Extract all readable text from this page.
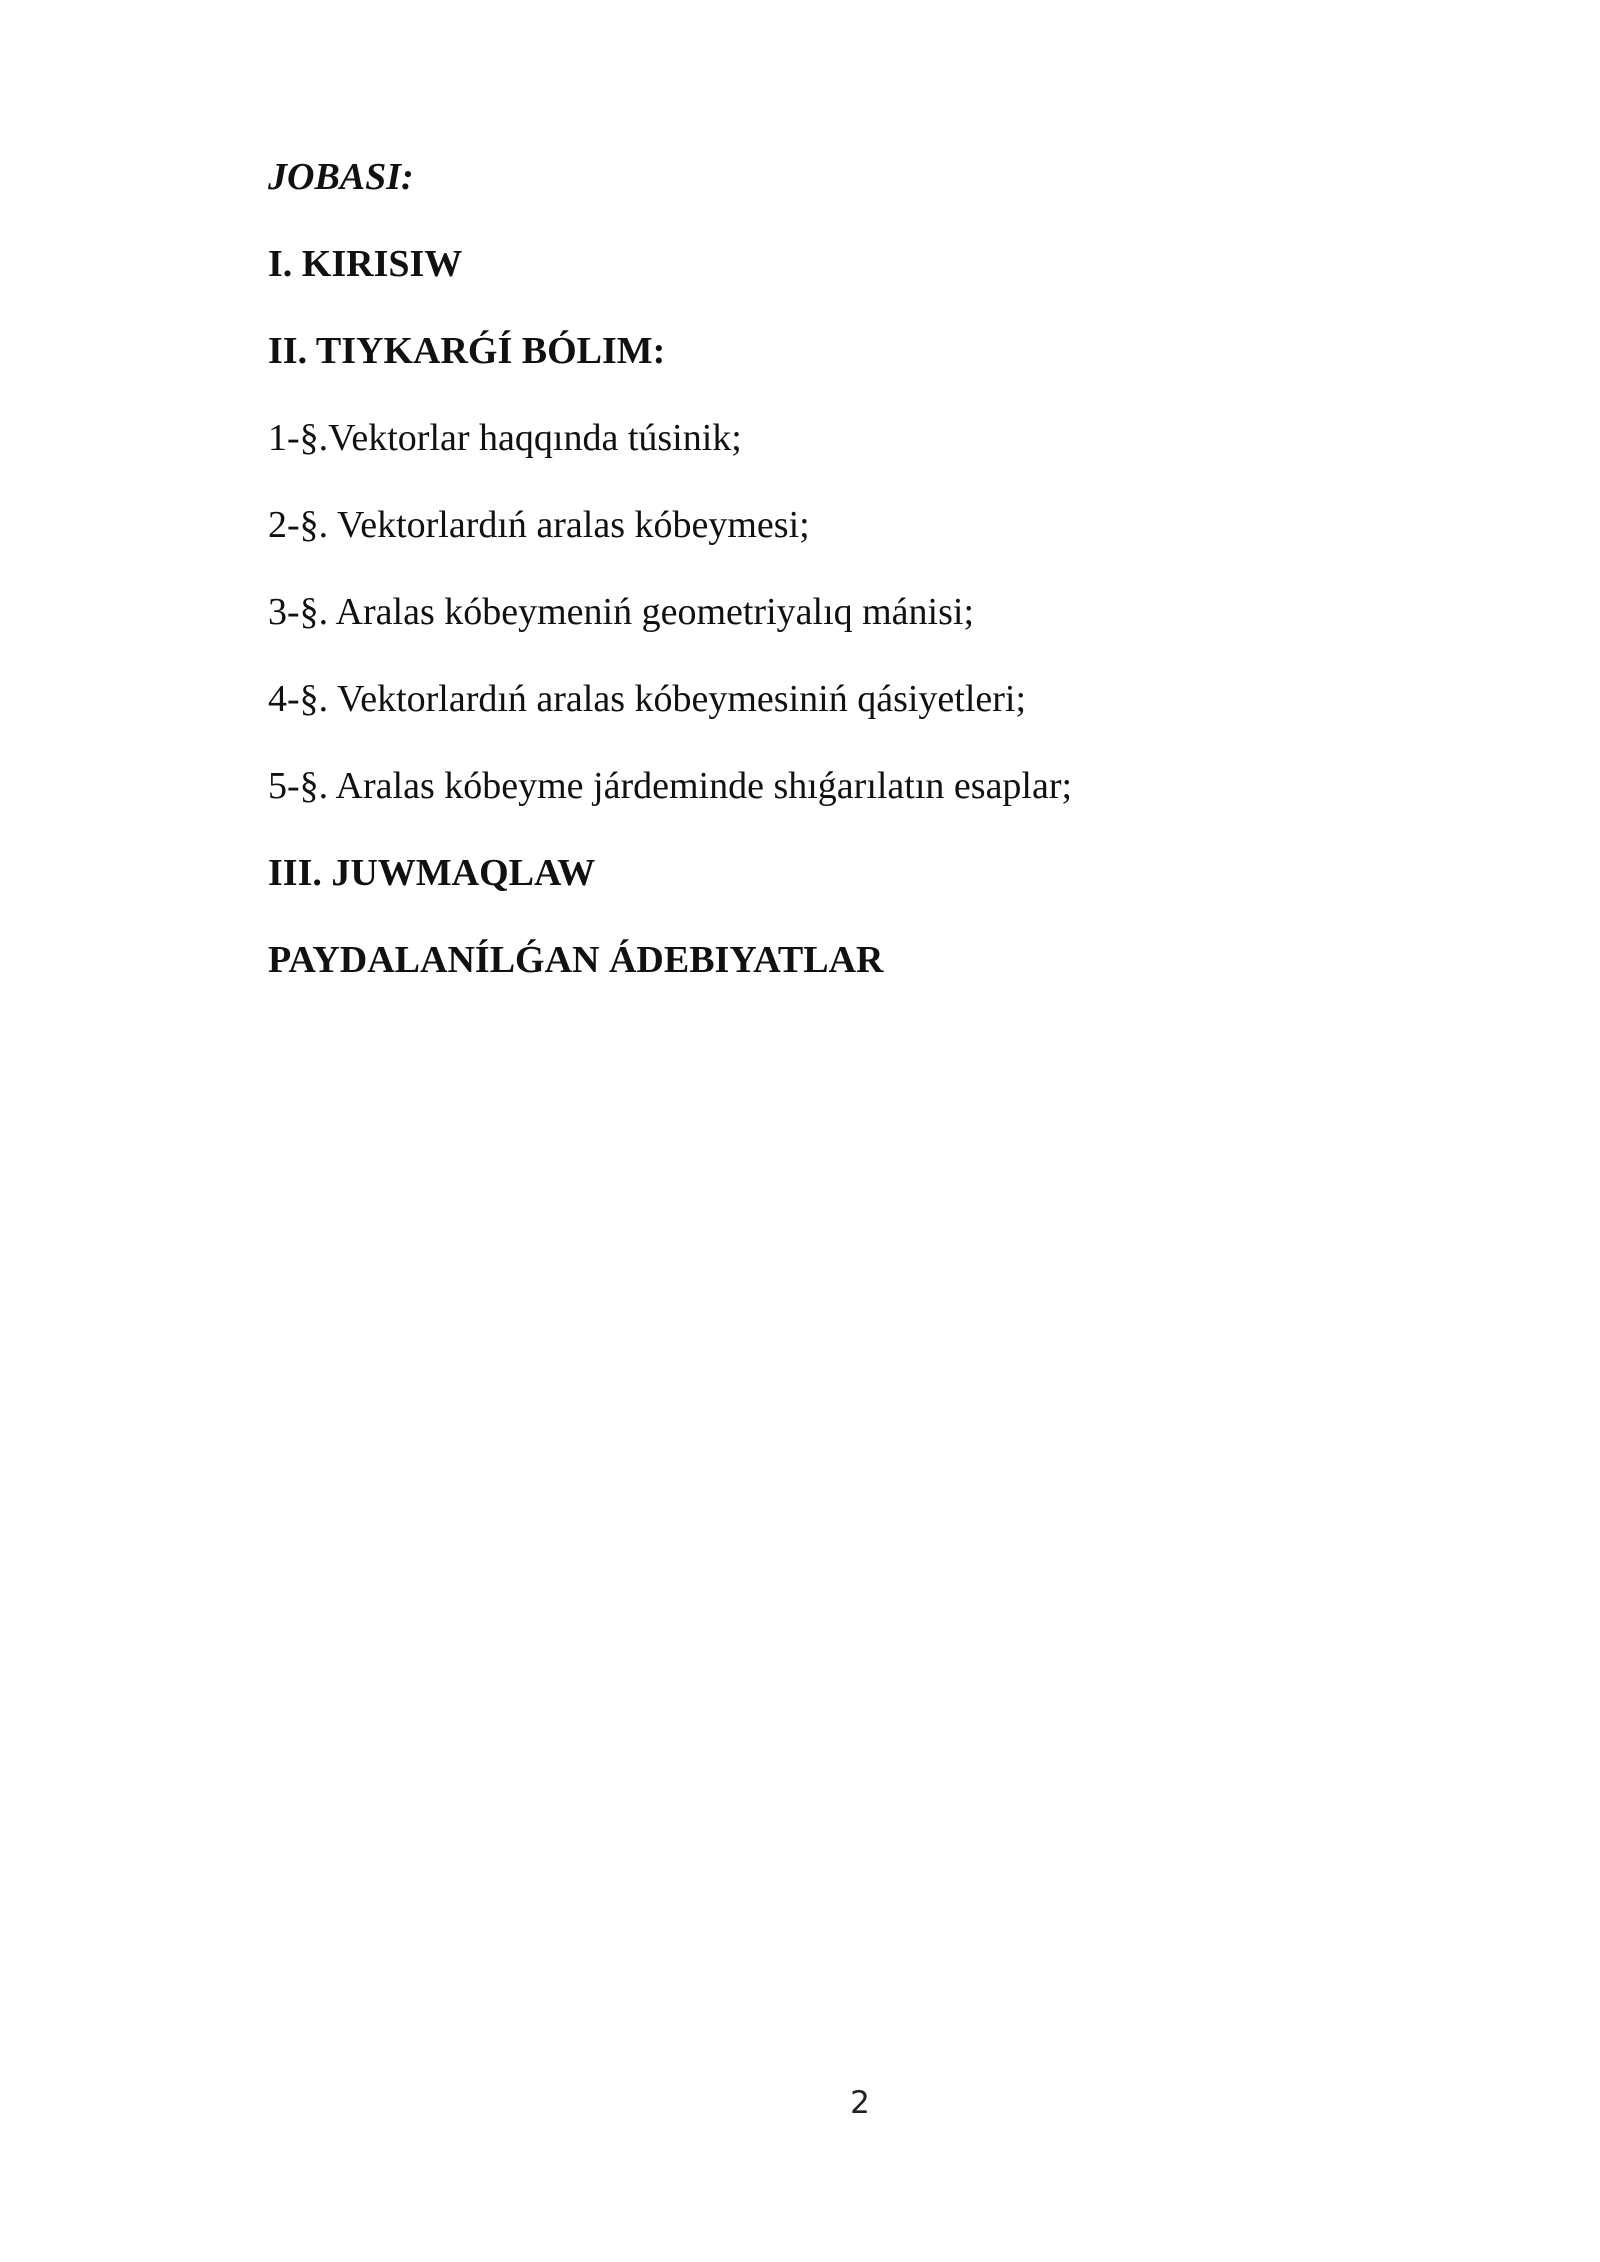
JOBASI:
I. KIRISIW
II. TIYKARǴÍ BÓLIM:
1-§.Vektorlar haqqında túsinik;
2-§. Vektorlardıń aralas kóbeymesi;
3-§. Aralas kóbeymeniń geometriyalıq mánisi;
4-§. Vektorlardıń aralas kóbeymesiniń qásiyetleri;
5-§. Aralas kóbeyme járdeminde shıǵarılatın esaplar;
III. JUWMAQLAW
PAYDALANÍLǴAN ÁDEBIYATLAR
2
